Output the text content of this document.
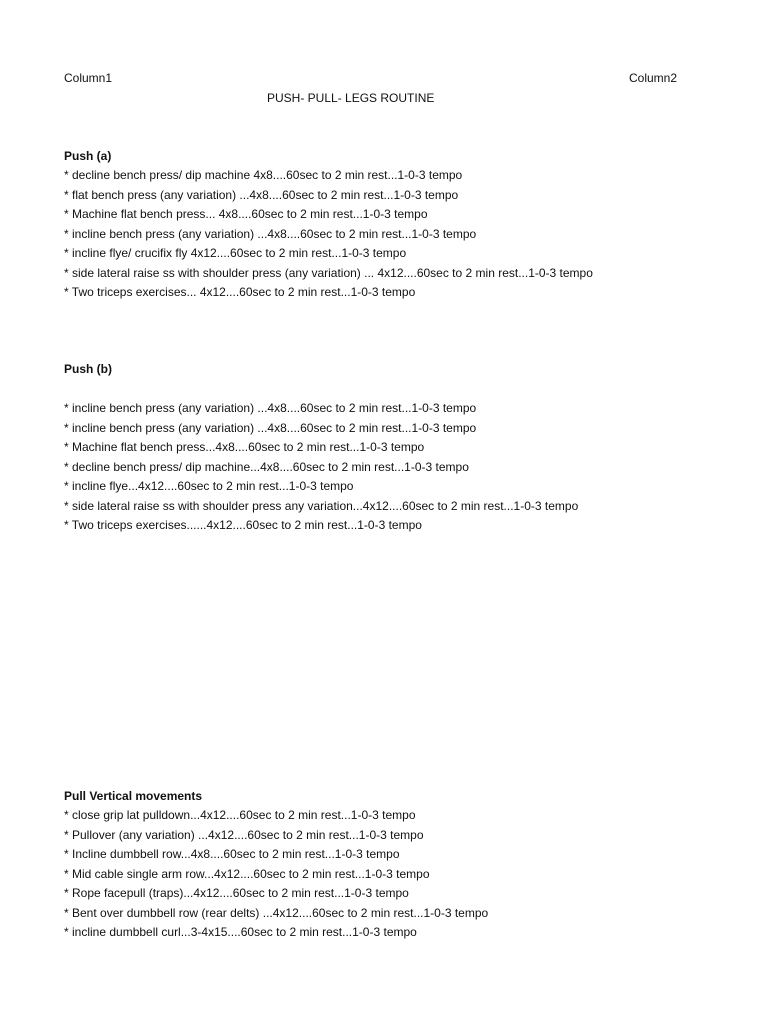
Column1	Column2
PUSH- PULL- LEGS ROUTINE
Push (a)
* decline bench press/ dip machine 4x8....60sec to 2 min rest...1-0-3 tempo
* flat bench press (any variation) ...4x8....60sec to 2 min rest...1-0-3 tempo
* Machine flat bench press... 4x8....60sec to 2 min rest...1-0-3 tempo
* incline bench press (any variation) ...4x8....60sec to 2 min rest...1-0-3 tempo
* incline flye/ crucifix fly 4x12....60sec to 2 min rest...1-0-3 tempo
* side lateral raise ss with shoulder press (any variation) ... 4x12....60sec to 2 min rest...1-0-3 tempo
* Two triceps exercises... 4x12....60sec to 2 min rest...1-0-3 tempo
Push (b)
* incline bench press (any variation) ...4x8....60sec to 2 min rest...1-0-3 tempo
* incline bench press (any variation) ...4x8....60sec to 2 min rest...1-0-3 tempo
* Machine flat bench press...4x8....60sec to 2 min rest...1-0-3 tempo
* decline bench press/ dip machine...4x8....60sec to 2 min rest...1-0-3 tempo
* incline flye...4x12....60sec to 2 min rest...1-0-3 tempo
* side lateral raise ss with shoulder press any variation...4x12....60sec to 2 min rest...1-0-3 tempo
* Two triceps exercises......4x12....60sec to 2 min rest...1-0-3 tempo
Pull Vertical movements
* close grip lat pulldown...4x12....60sec to 2 min rest...1-0-3 tempo
* Pullover (any variation) ...4x12....60sec to 2 min rest...1-0-3 tempo
* Incline dumbbell row...4x8....60sec to 2 min rest...1-0-3 tempo
* Mid cable single arm row...4x12....60sec to 2 min rest...1-0-3 tempo
* Rope facepull (traps)...4x12....60sec to 2 min rest...1-0-3 tempo
* Bent over dumbbell row (rear delts) ...4x12....60sec to 2 min rest...1-0-3 tempo
* incline dumbbell curl...3-4x15....60sec to 2 min rest...1-0-3 tempo
